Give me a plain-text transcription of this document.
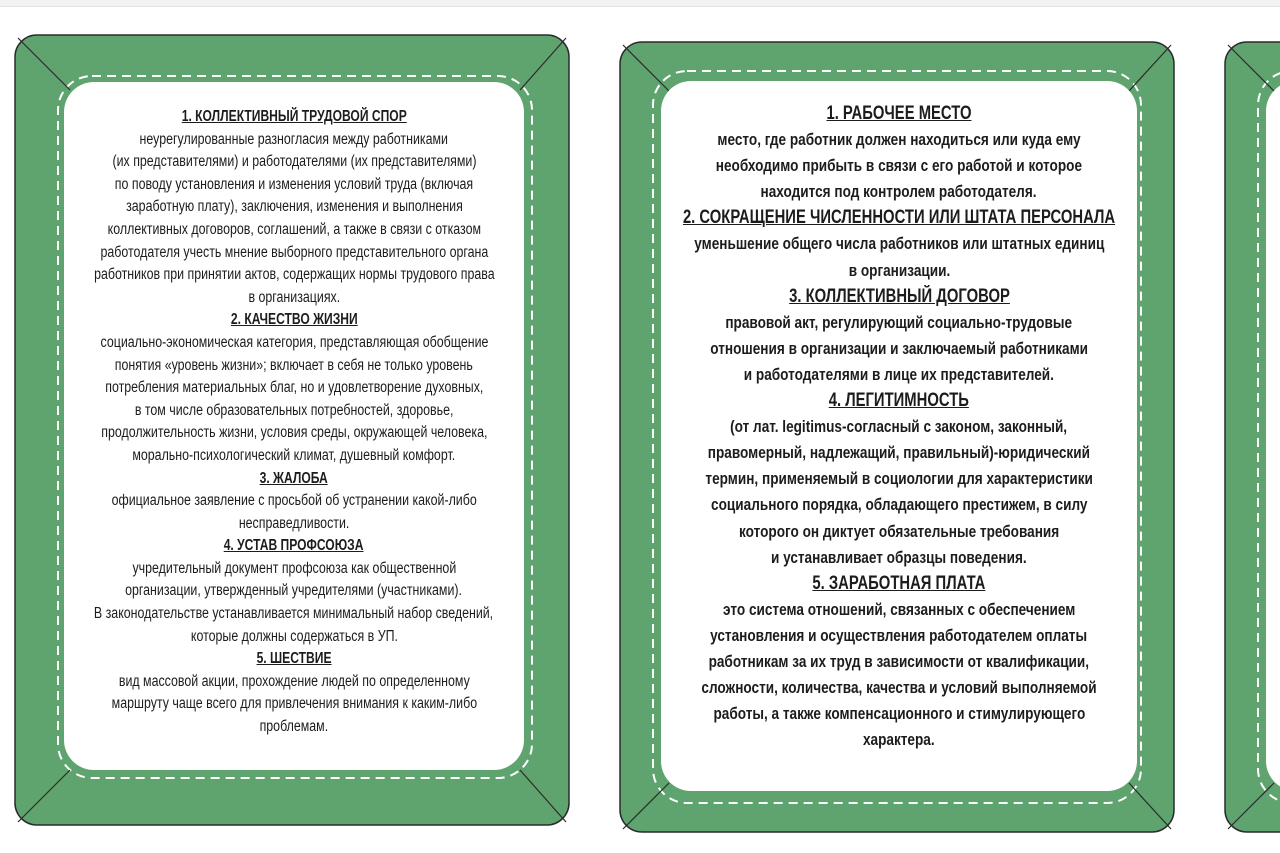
1. КОЛЛЕКТИВНЫЙ ТРУДОВОЙ СПОР

неурегулированные разногласия между работниками

(их представителями) и работодателями (их представителями)

по поводу установления и изменения условий труда (включая

заработную плату), заключения, изменения и выполнения

коллективных договоров, соглашений, а также в связи с отказом

работодателя учесть мнение выборного представительного органа

работников при принятии актов, содержащих нормы трудового права

в организациях.

2. КАЧЕСТВО ЖИЗНИ

социально-экономическая категория, представляющая обобщение

понятия «уровень жизни»; включает в себя не только уровень

потребления материальных благ, но и удовлетворение духовных,

в том числе образовательных потребностей, здоровье,

продолжительность жизни, условия среды, окружающей человека,

морально-психологический климат, душевный комфорт.

3. ЖАЛОБА

официальное заявление с просьбой об устранении какой-либо

несправедливости.

4. УСТАВ ПРОФСОЮЗА

учредительный документ профсоюза как общественной

организации, утвержденный учредителями (участниками).

В законодательстве устанавливается минимальный набор сведений,

которые должны содержаться в УП.

5. ШЕСТВИЕ

вид массовой акции, прохождение людей по определенному

маршруту чаще всего для привлечения внимания к каким-либо

проблемам.

1. РАБОЧЕЕ МЕСТО

место, где работник должен находиться или куда ему

необходимо прибыть в связи с его работой и которое

находится под контролем работодателя.

2. СОКРАЩЕНИЕ ЧИСЛЕННОСТИ ИЛИ ШТАТА ПЕРСОНАЛА

уменьшение общего числа работников или штатных единиц

в организации.

3. КОЛЛЕКТИВНЫЙ ДОГОВОР

правовой акт, регулирующий социально-трудовые

отношения в организации и заключаемый работниками

и работодателями в лице их представителей.

4. ЛЕГИТИМНОСТЬ

(от лат. legitimus-согласный с законом, законный,

правомерный, надлежащий, правильный)-юридический

термин, применяемый в социологии для характеристики

социального порядка, обладающего престижем, в силу

которого он диктует обязательные требования

и устанавливает образцы поведения.

5. ЗАРАБОТНАЯ ПЛАТА

это система отношений, связанных с обеспечением

установления и осуществления работодателем оплаты

работникам за их труд в зависимости от квалификации,

сложности, количества, качества и условий выполняемой

работы, а также компенсационного и стимулирующего

характера.
